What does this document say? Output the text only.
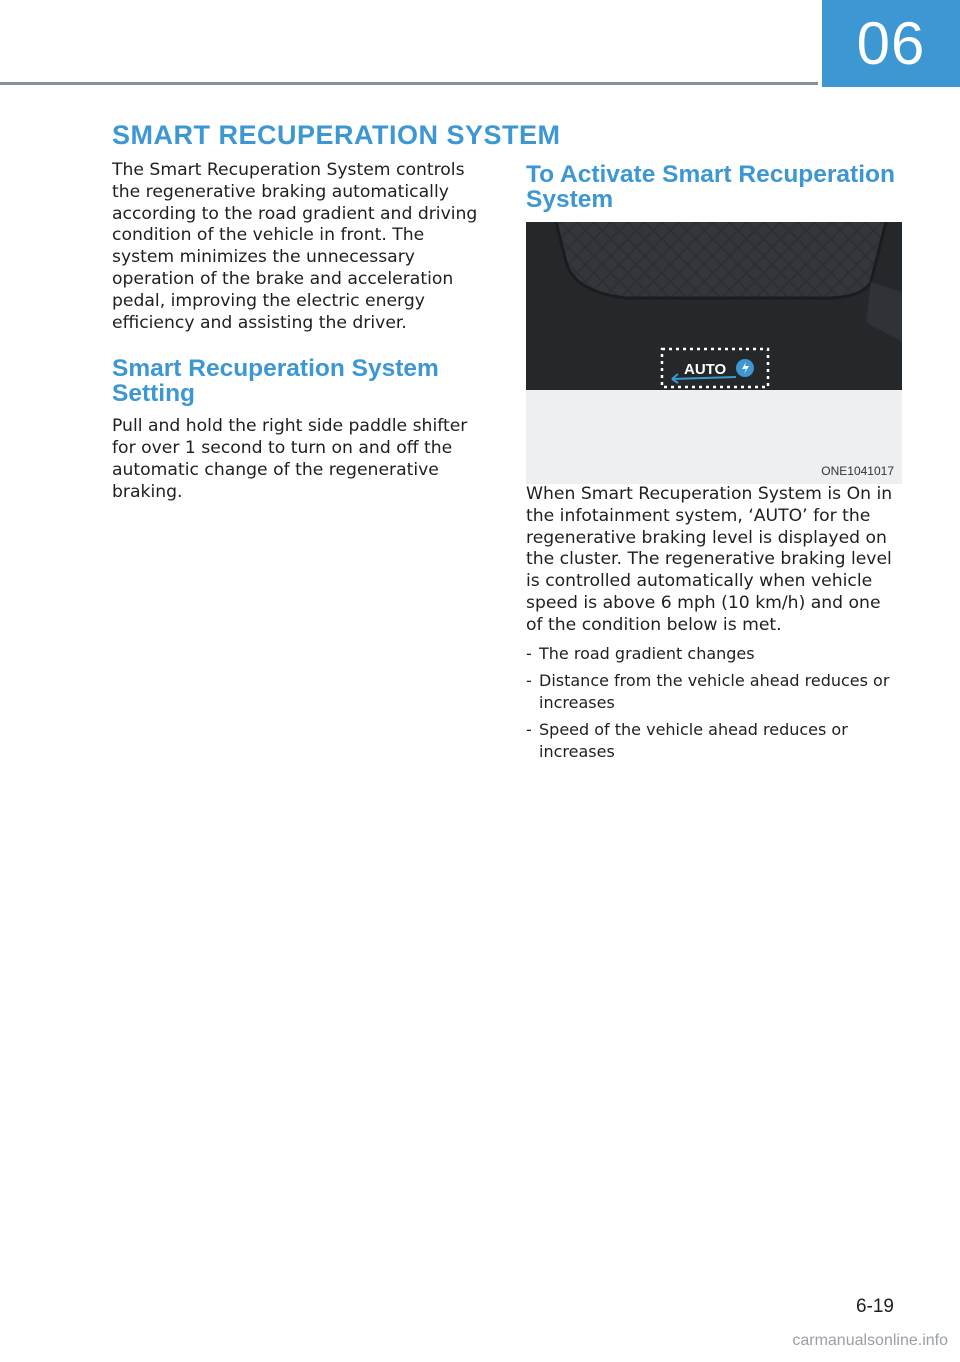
06
SMART RECUPERATION SYSTEM

The Smart Recuperation System controls the regenerative braking automatically according to the road gradient and driving condition of the vehicle in front. The system minimizes the unnecessary operation of the brake and acceleration pedal, improving the electric energy efficiency and assisting the driver.

Smart Recuperation System Setting

Pull and hold the right side paddle shifter for over 1 second to turn on and off the automatic change of the regenerative braking.

To Activate Smart Recuperation System
AUTO
ONE1041017

When Smart Recuperation System is On in the infotainment system, ‘AUTO’ for the regenerative braking level is displayed on the cluster. The regenerative braking level is controlled automatically when vehicle speed is above 6 mph (10 km/h) and one of the condition below is met.

- The road gradient changes
- Distance from the vehicle ahead reduces or increases
- Speed of the vehicle ahead reduces or increases
6-19
carmanualsonline.info
